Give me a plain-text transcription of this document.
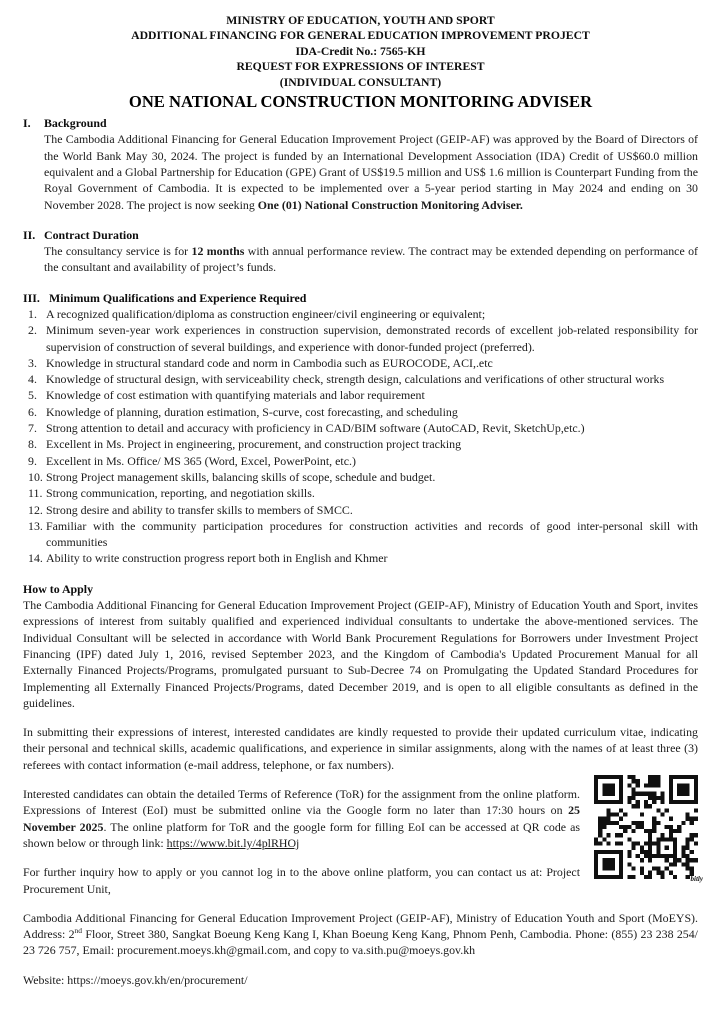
MINISTRY OF EDUCATION, YOUTH AND SPORT
ADDITIONAL FINANCING FOR GENERAL EDUCATION IMPROVEMENT PROJECT
IDA-Credit No.: 7565-KH
REQUEST FOR EXPRESSIONS OF INTEREST
(INDIVIDUAL CONSULTANT)
ONE NATIONAL CONSTRUCTION MONITORING ADVISER
I.	Background

The Cambodia Additional Financing for General Education Improvement Project (GEIP-AF) was approved by the Board of Directors of the World Bank May 30, 2024. The project is funded by an International Development Association (IDA) Credit of US$60.0 million equivalent and a Global Partnership for Education (GPE) Grant of US$19.5 million and US$ 1.6 million is Counterpart Funding from the Royal Government of Cambodia. It is expected to be implemented over a 5-year period starting in May 2024 and ending on 30 November 2028. The project is now seeking One (01) National Construction Monitoring Adviser.

II. Contract Duration

The consultancy service is for 12 months with annual performance review. The contract may be extended depending on performance of the consultant and availability of project’s funds.

III. Minimum Qualifications and Experience Required
1. A recognized qualification/diploma as construction engineer/civil engineering or equivalent;
2. Minimum seven-year work experiences in construction supervision, demonstrated records of excellent job-related responsibility for supervision of construction of several buildings, and experience with donor-funded project (preferred).
3. Knowledge in structural standard code and norm in Cambodia such as EUROCODE, ACI,.etc
4. Knowledge of structural design, with serviceability check, strength design, calculations and verifications of other structural works
5. Knowledge of cost estimation with quantifying materials and labor requirement
6. Knowledge of planning, duration estimation, S-curve, cost forecasting, and scheduling
7. Strong attention to detail and accuracy with proficiency in CAD/BIM software (AutoCAD, Revit, SketchUp,etc.)
8. Excellent in Ms. Project in engineering, procurement, and construction project tracking
9. Excellent in Ms. Office/ MS 365 (Word, Excel, PowerPoint, etc.)
10. Strong Project management skills, balancing skills of scope, schedule and budget.
11. Strong communication, reporting, and negotiation skills.
12. Strong desire and ability to transfer skills to members of SMCC.
13. Familiar with the community participation procedures for construction activities and records of good inter-personal skill with communities
14. Ability to write construction progress report both in English and Khmer
How to Apply

The Cambodia Additional Financing for General Education Improvement Project (GEIP-AF), Ministry of Education Youth and Sport, invites expressions of interest from suitably qualified and experienced individual consultants to undertake the above-mentioned services. The Individual Consultant will be selected in accordance with World Bank Procurement Regulations for Borrowers under Investment Project Financing (IPF) dated July 1, 2016, revised September 2023, and the Kingdom of Cambodia's Updated Procurement Manual for all Externally Financed Projects/Programs, promulgated pursuant to Sub-Decree 74 on Promulgating the Updated Standard Procedures for Implementing all Externally Financed Projects/Programs, dated December 2019, and is open to all eligible consultants as defined in the guidelines.

In submitting their expressions of interest, interested candidates are kindly requested to provide their updated curriculum vitae, indicating their personal and technical skills, academic qualifications, and experience in similar assignments, along with the names of at least three (3) referees with contact information (e-mail address, telephone, or fax numbers).

bitly

Interested candidates can obtain the detailed Terms of Reference (ToR) for the assignment from the online platform. Expressions of Interest (EoI) must be submitted online via the Google form no later than 17:30 hours on 25 November 2025. The online platform for ToR and the google form for filling EoI can be accessed at QR code as shown below or through link: https://www.bit.ly/4plRHOj

For further inquiry how to apply or you cannot log in to the above online platform, you can contact us at: Project Procurement Unit,

Cambodia Additional Financing for General Education Improvement Project (GEIP-AF), Ministry of Education Youth and Sport (MoEYS). Address: 2nd Floor, Street 380, Sangkat Boeung Keng Kang I, Khan Boeung Keng Kang, Phnom Penh, Cambodia. Phone: (855) 23 238 254/ 23 726 757, Email: procurement.moeys.kh@gmail.com, and copy to va.sith.pu@moeys.gov.kh

Website: https://moeys.gov.kh/en/procurement/
